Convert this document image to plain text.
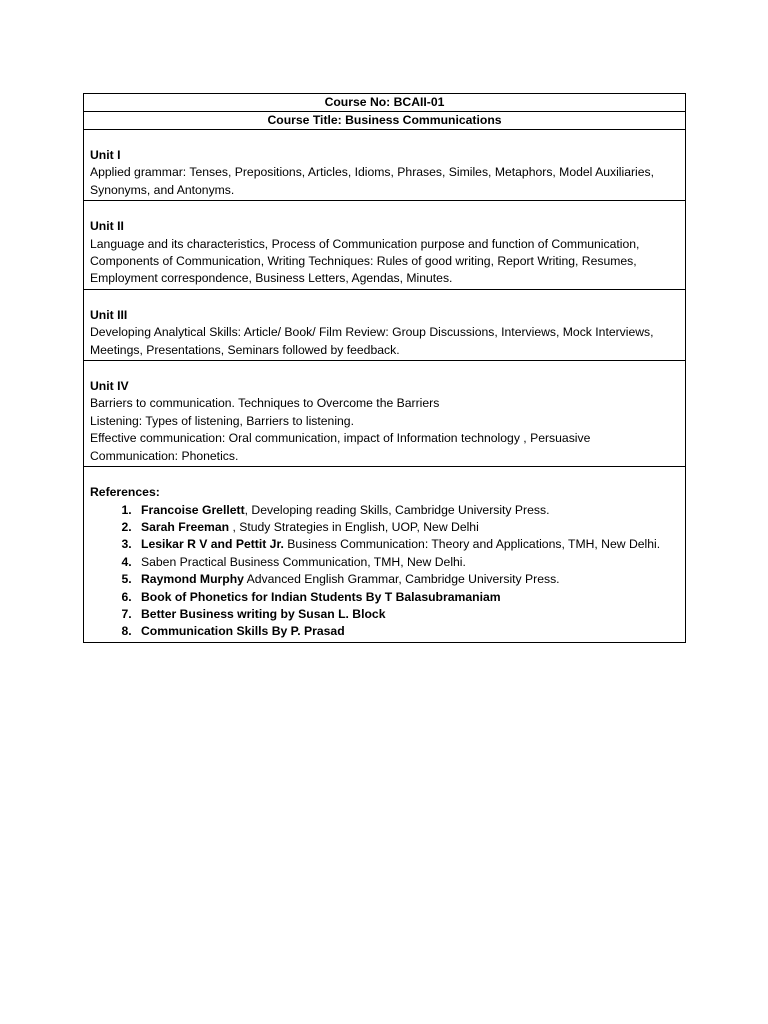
Course No: BCAII-01
Course Title: Business Communications

Unit I
Applied grammar: Tenses, Prepositions, Articles, Idioms, Phrases, Similes, Metaphors, Model Auxiliaries, Synonyms, and Antonyms.

Unit II
Language and its characteristics, Process of Communication purpose and function of Communication, Components of Communication, Writing Techniques: Rules of good writing, Report Writing, Resumes, Employment correspondence, Business Letters, Agendas, Minutes.

Unit III
Developing Analytical Skills: Article/ Book/ Film Review: Group Discussions, Interviews, Mock Interviews, Meetings, Presentations, Seminars followed by feedback.

Unit IV
Barriers to communication. Techniques to Overcome the Barriers
Listening: Types of listening, Barriers to listening.
Effective communication: Oral communication, impact of Information technology , Persuasive Communication: Phonetics.

References:
1. Francoise Grellett, Developing reading Skills, Cambridge University Press.
2. Sarah Freeman , Study Strategies in English, UOP, New Delhi
3. Lesikar R V and Pettit Jr. Business Communication: Theory and Applications, TMH, New Delhi.
4. Saben Practical Business Communication, TMH, New Delhi.
5. Raymond Murphy Advanced English Grammar, Cambridge University Press.
6. Book of Phonetics for Indian Students By T Balasubramaniam
7. Better Business writing by Susan L. Block
8. Communication Skills By P. Prasad
